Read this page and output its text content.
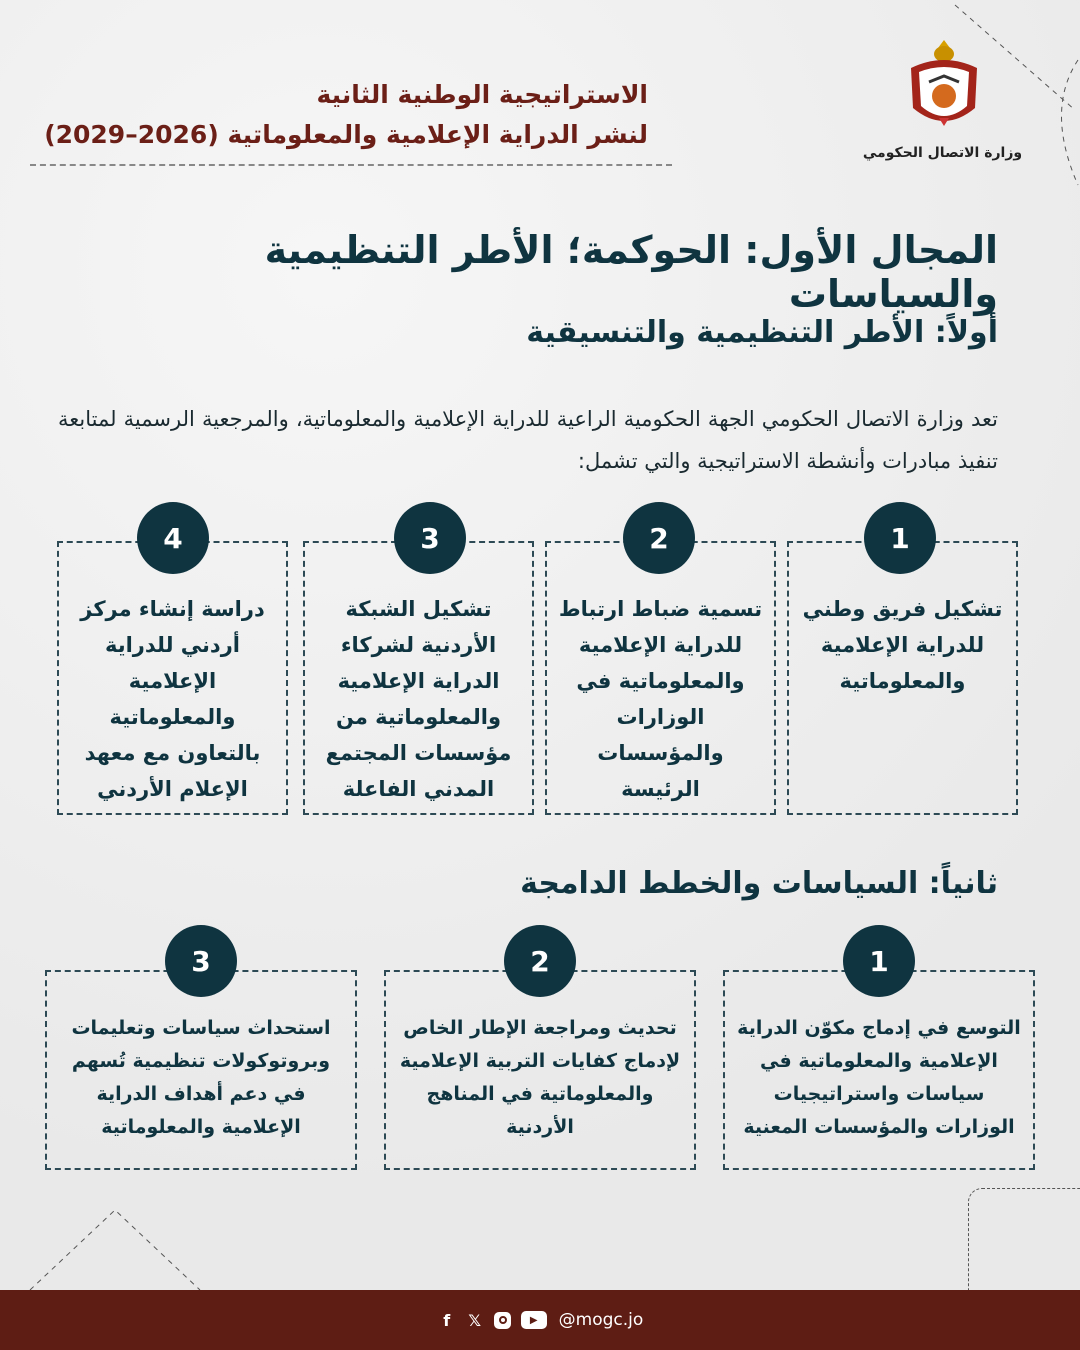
الاستراتيجية الوطنية الثانية
لنشر الدراية الإعلامية والمعلوماتية (2026–2029)
وزارة الاتصال الحكومي
المجال الأول: الحوكمة؛ الأطر التنظيمية والسياسات
أولاً: الأطر التنظيمية والتنسيقية
تعد وزارة الاتصال الحكومي الجهة الحكومية الراعية للدراية الإعلامية والمعلوماتية، والمرجعية الرسمية لمتابعة تنفيذ مبادرات وأنشطة الاستراتيجية والتي تشمل:
تشكيل فريق وطني للدراية الإعلامية والمعلوماتية
تسمية ضباط ارتباط للدراية الإعلامية والمعلوماتية في الوزارات والمؤسسات الرئيسة
تشكيل الشبكة الأردنية لشركاء الدراية الإعلامية والمعلوماتية من مؤسسات المجتمع المدني الفاعلة
دراسة إنشاء مركز أردني للدراية الإعلامية والمعلوماتية بالتعاون مع معهد الإعلام الأردني
1
2
3
4
ثانياً: السياسات والخطط الدامجة
التوسع في إدماج مكوّن الدراية الإعلامية والمعلوماتية في سياسات واستراتيجيات الوزارات والمؤسسات المعنية
تحديث ومراجعة الإطار الخاص لإدماج كفايات التربية الإعلامية والمعلوماتية في المناهج الأردنية
استحداث سياسات وتعليمات وبروتوكولات تنظيمية تُسهم في دعم أهداف الدراية الإعلامية والمعلوماتية
1
2
3
f	𝕏	▶	@mogc.jo
